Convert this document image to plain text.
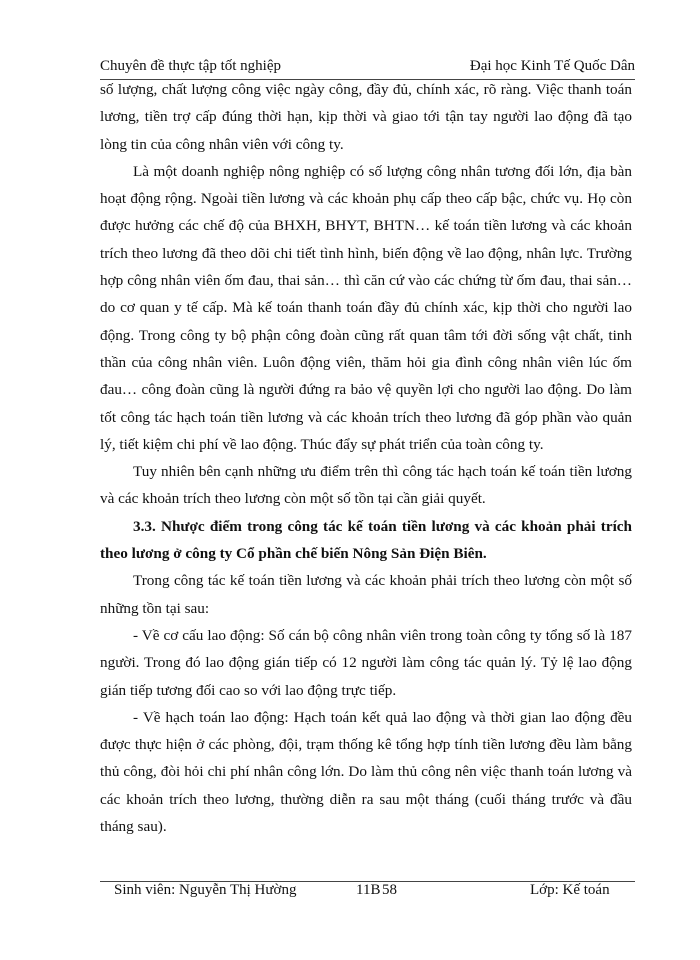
Chuyên đề thực tập tốt nghiệp	Đại học Kinh Tế Quốc Dân

số lượng, chất lượng công việc ngày công, đầy đủ, chính xác, rõ ràng. Việc thanh toán lương, tiền trợ cấp đúng thời hạn, kịp thời và giao tới tận tay người lao động đã tạo lòng tin của công nhân viên với công ty.

Là một doanh nghiệp nông nghiệp có số lượng công nhân tương đối lớn, địa bàn hoạt động rộng. Ngoài tiền lương và các khoản phụ cấp theo cấp bậc, chức vụ. Họ còn được hưởng các chế độ của BHXH, BHYT, BHTN… kế toán tiền lương và các khoản trích theo lương đã theo dõi chi tiết tình hình, biến động về lao động, nhân lực. Trường hợp công nhân viên ốm đau, thai sản… thì căn cứ vào các chứng từ ốm đau, thai sản… do cơ quan y tế cấp. Mà kế toán thanh toán đầy đủ chính xác, kịp thời cho người lao động. Trong công ty bộ phận công đoàn cũng rất quan tâm tới đời sống vật chất, tinh thần của công nhân viên. Luôn động viên, thăm hỏi gia đình công nhân viên lúc ốm đau… công đoàn cũng là người đứng ra bảo vệ quyền lợi cho người lao động. Do làm tốt công tác hạch toán tiền lương và các khoản trích theo lương đã góp phần vào quản lý, tiết kiệm chi phí về lao động. Thúc đẩy sự phát triển của toàn công ty.

Tuy nhiên bên cạnh những ưu điểm trên thì công tác hạch toán kế toán tiền lương và các khoản trích theo lương còn một số tồn tại cần giải quyết.

3.3. Nhược điểm trong công tác kế toán tiền lương và các khoản phải trích theo lương ở công ty Cổ phần chế biến Nông Sản Điện Biên.

Trong công tác kế toán tiền lương và các khoản phải trích theo lương còn một số những tồn tại sau:

- Về cơ cấu lao động: Số cán bộ công nhân viên trong toàn công ty tổng số là 187 người. Trong đó lao động gián tiếp có 12 người làm công tác quản lý. Tỷ lệ lao động gián tiếp tương đối cao so với lao động trực tiếp.

- Về hạch toán lao động: Hạch toán kết quả lao động và thời gian lao động đều được thực hiện ở các phòng, đội, trạm thống kê tổng hợp tính tiền lương đều làm bằng thủ công, đòi hỏi chi phí nhân công lớn. Do làm thủ công nên việc thanh toán lương và các khoản trích theo lương, thường diễn ra sau một tháng (cuối tháng trước và đầu tháng sau).

Sinh viên: Nguyễn Thị Hường	58	Lớp: Kế toán
11B
